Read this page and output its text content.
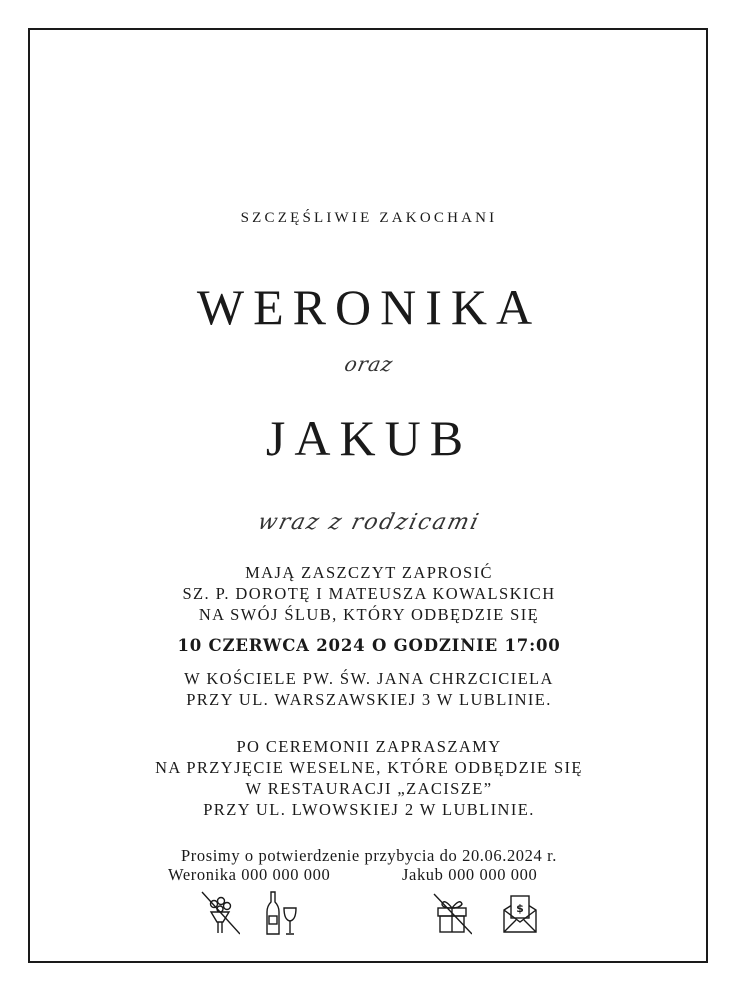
SZCZĘŚLIWIE ZAKOCHANI
WERONIKA
oraz
JAKUB
wraz z rodzicami
MAJĄ ZASZCZYT ZAPROSIĆ
SZ. P. DOROTĘ I MATEUSZA KOWALSKICH
NA SWÓJ ŚLUB, KTÓRY ODBĘDZIE SIĘ
10 CZERWCA 2024 O GODZINIE 17:00
W KOŚCIELE PW. ŚW. JANA CHRZCICIELA
PRZY UL. WARSZAWSKIEJ 3 W LUBLINIE.
PO CEREMONII ZAPRASZAMY
NA PRZYJĘCIE WESELNE, KTÓRE ODBĘDZIE SIĘ
W RESTAURACJI „ZACISZE”
PRZY UL. LWOWSKIEJ 2 W LUBLINIE.
Prosimy o potwierdzenie przybycia do 20.06.2024 r.
Weronika 000 000 000	Jakub 000 000 000
$
